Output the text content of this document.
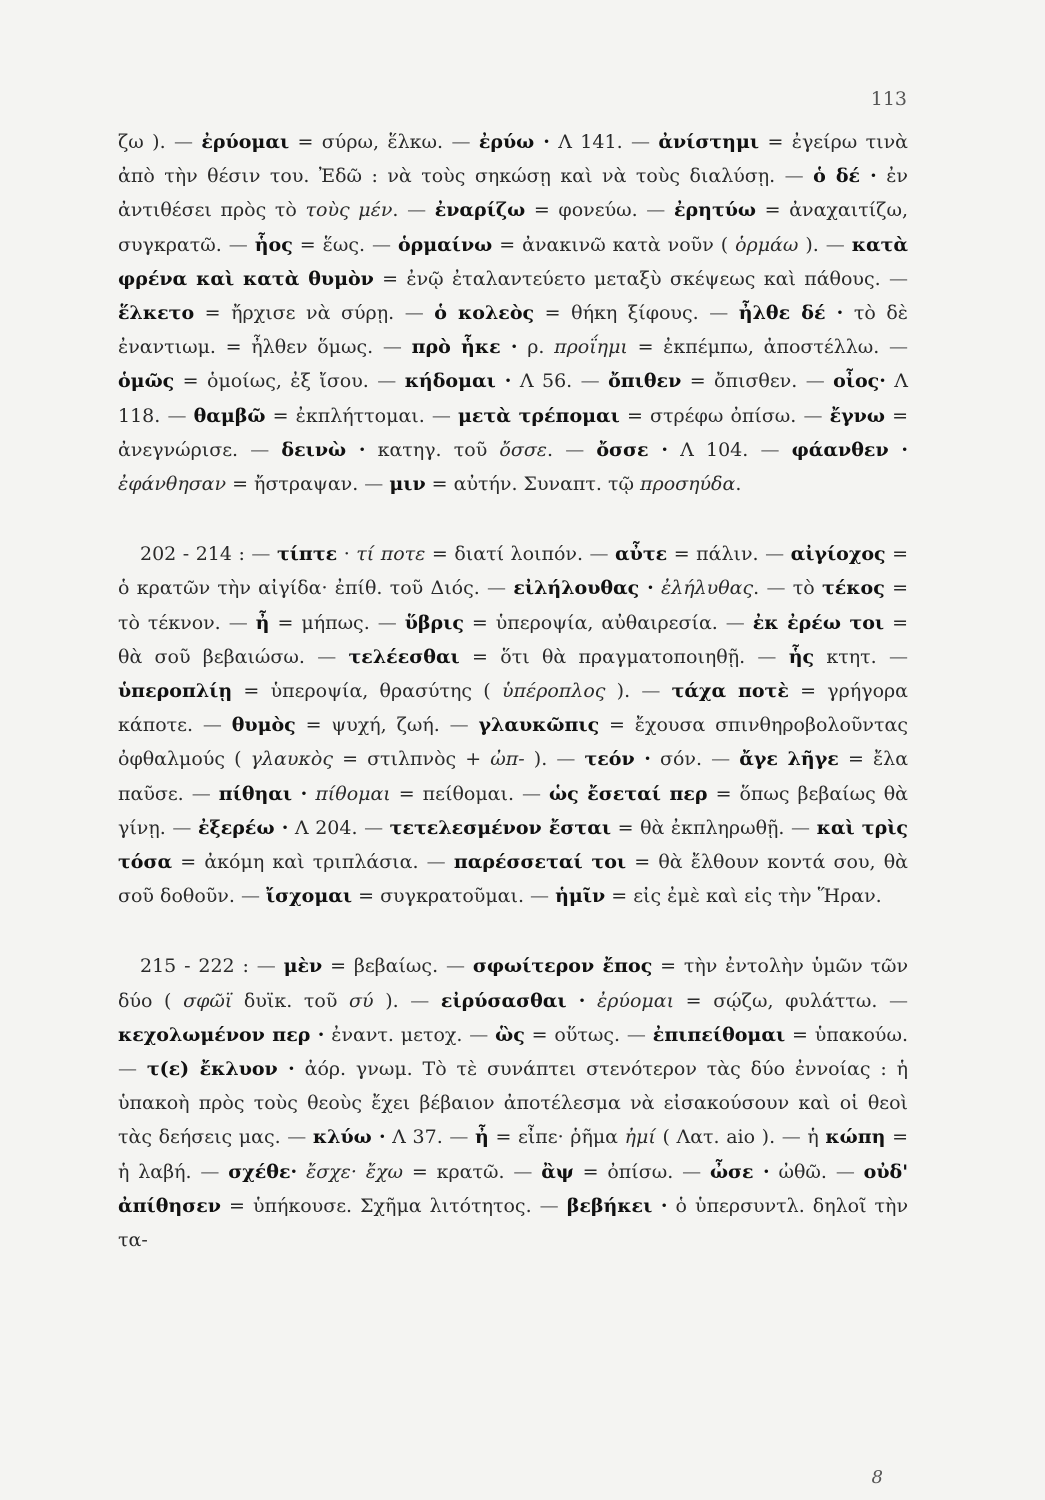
113

ζω ). — ἐρύομαι = σύρω, ἕλκω. — ἐρύω · Λ 141. — ἀνίστημι = ἐγείρω τινὰ ἀπὸ τὴν θέσιν του. Ἐδῶ : νὰ τοὺς σηκώσῃ καὶ νὰ τοὺς διαλύσῃ. — ὁ δέ · ἐν ἀντιθέσει πρὸς τὸ τοὺς μέν. — ἐναρίζω = φονεύω. — ἐρητύω = ἀναχαιτίζω, συγκρατῶ. — ἧος = ἕως. — ὁρμαίνω = ἀνακινῶ κατὰ νοῦν ( ὁρμάω ). — κατὰ φρένα καὶ κατὰ θυμὸν = ἐνῷ ἐταλαντεύετο μεταξὺ σκέψεως καὶ πάθους. — ἕλκετο = ἤρχισε νὰ σύρῃ. — ὁ κολεὸς = θήκη ξίφους. — ἦλθε δέ · τὸ δὲ ἐναντιωμ. = ἦλθεν ὅμως. — πρὸ ἧκε · ρ. προΐημι = ἐκπέμπω, ἀποστέλλω. — ὁμῶς = ὁμοίως, ἐξ ἴσου. — κήδομαι · Λ 56. — ὄπιθεν = ὄπισθεν. — οἶος· Λ 118. — θαμβῶ = ἐκπλήττομαι. — μετὰ τρέπομαι = στρέφω ὀπίσω. — ἔγνω = ἀνεγνώρισε. — δεινὼ · κατηγ. τοῦ ὄσσε. — ὄσσε · Λ 104. — φάανθεν · ἐφάνθησαν = ἤστραψαν. — μιν = αὐτήν. Συναπτ. τῷ προσηύδα.

202 - 214 : — τίπτε · τί ποτε = διατί λοιπόν. — αὖτε = πάλιν. — αἰγίοχος = ὁ κρατῶν τὴν αἰγίδα· ἐπίθ. τοῦ Διός. — εἰλήλουθας · ἐλήλυθας. — τὸ τέκος = τὸ τέκνον. — ἦ = μήπως. — ὕβρις = ὑπεροψία, αὐθαιρεσία. — ἐκ ἐρέω τοι = θὰ σοῦ βεβαιώσω. — τελέεσθαι = ὅτι θὰ πραγματοποιηθῇ. — ἧς κτητ. — ὑπεροπλίῃ = ὑπεροψία, θρασύτης ( ὑπέροπλος ). — τάχα ποτὲ = γρήγορα κάποτε. — θυμὸς = ψυχή, ζωή. — γλαυκῶπις = ἔχουσα σπινθηροβολοῦντας ὀφθαλμούς ( γλαυκὸς = στιλπνὸς + ὠπ- ). — τεόν · σόν. — ἄγε λῆγε = ἔλα παῦσε. — πίθηαι · πίθομαι = πείθομαι. — ὡς ἔσεταί περ = ὅπως βεβαίως θὰ γίνῃ. — ἐξερέω · Λ 204. — τετελεσμένον ἔσται = θὰ ἐκπληρωθῇ. — καὶ τρὶς τόσα = ἀκόμη καὶ τριπλάσια. — παρέσσεταί τοι = θὰ ἔλθουν κοντά σου, θὰ σοῦ δοθοῦν. — ἴσχομαι = συγκρατοῦμαι. — ἡμῖν = εἰς ἐμὲ καὶ εἰς τὴν Ἥραν.

215 - 222 : — μὲν = βεβαίως. — σφωίτερον ἔπος = τὴν ἐντολὴν ὑμῶν τῶν δύο ( σφῶϊ δυϊκ. τοῦ σύ ). — εἰρύσασθαι · ἐρύομαι = σῴζω, φυλάττω. — κεχολωμένον περ · ἐναντ. μετοχ. — ὣς = οὕτως. — ἐπιπείθομαι = ὑπακούω. — τ(ε) ἔκλυον · ἀόρ. γνωμ. Τὸ τὲ συνάπτει στενότερον τὰς δύο ἐννοίας : ἡ ὑπακοὴ πρὸς τοὺς θεοὺς ἔχει βέβαιον ἀποτέλεσμα νὰ εἰσακούσουν καὶ οἱ θεοὶ τὰς δεήσεις μας. — κλύω · Λ 37. — ἦ = εἶπε· ῥῆμα ἠμί ( Λατ. aio ). — ἡ κώπη = ἡ λαβή. — σχέθε· ἔσχε· ἔχω = κρατῶ. — ἂψ = ὀπίσω. — ὦσε · ὠθῶ. — οὐδ' ἀπίθησεν = ὑπήκουσε. Σχῆμα λιτότητος. — βεβήκει · ὁ ὑπερσυντλ. δηλοῖ τὴν τα-

8
